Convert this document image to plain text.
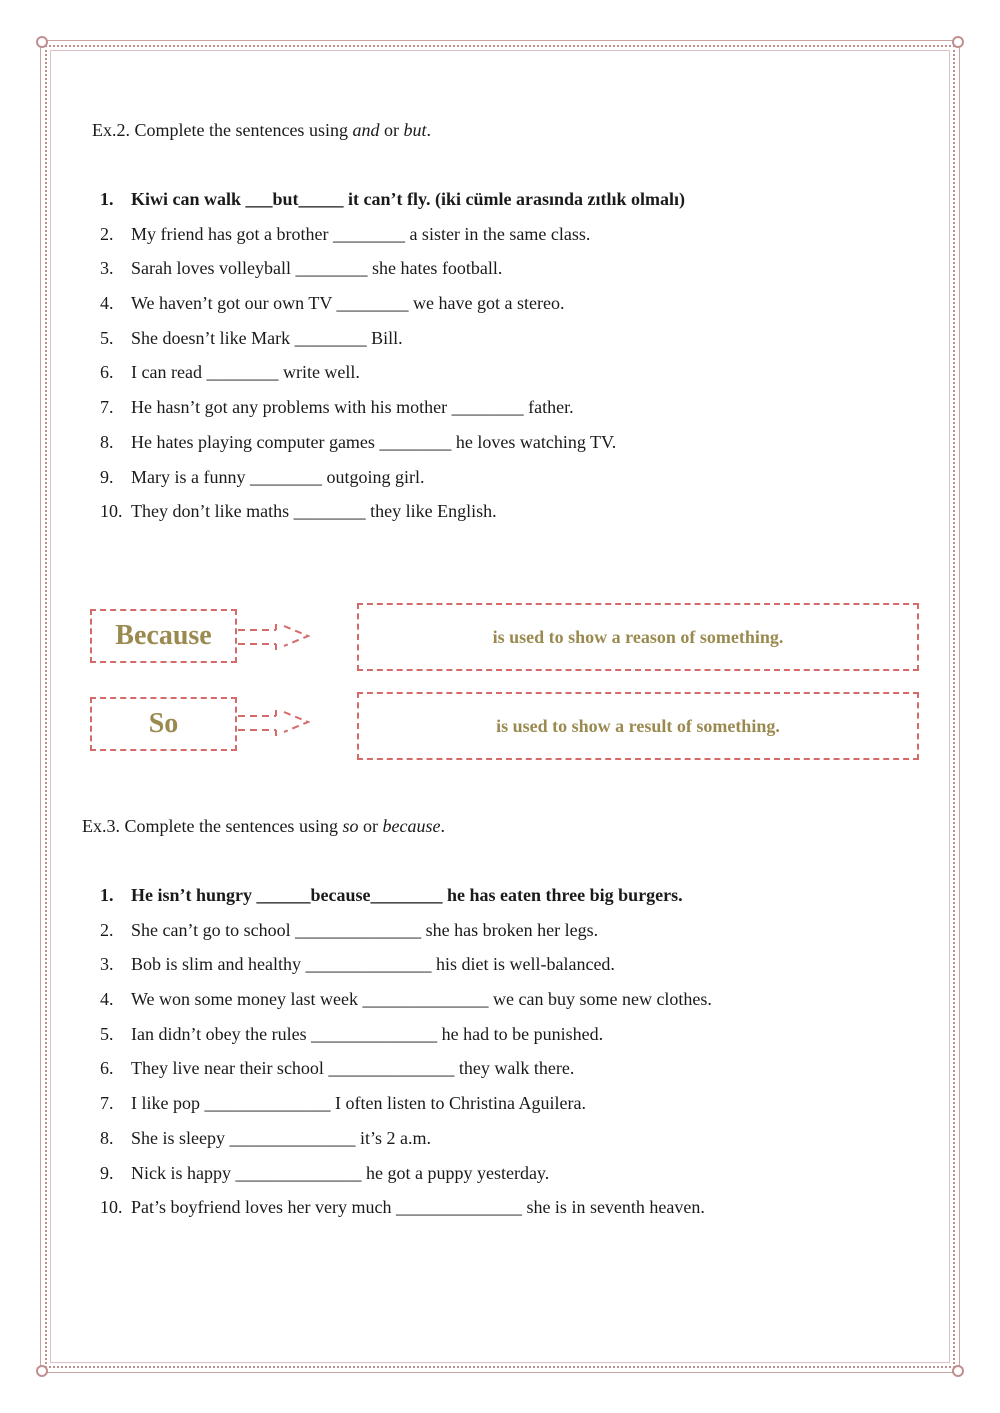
Ex.2. Complete the sentences using and or but.

1. Kiwi can walk ___but_____ it can’t fly. (iki cümle arasında zıtlık olmalı)
2. My friend has got a brother ________ a sister in the same class.
3. Sarah loves volleyball ________ she hates football.
4. We haven’t got our own TV ________ we have got a stereo.
5. She doesn’t like Mark ________ Bill.
6. I can read ________ write well.
7. He hasn’t got any problems with his mother ________ father.
8. He hates playing computer games ________ he loves watching TV.
9. Mary is a funny ________ outgoing girl.
10. They don’t like maths ________ they like English.
Because	is used to show a reason of something.
So	is used to show a result of something.

Ex.3. Complete the sentences using so or because.

1. He isn’t hungry ______because________ he has eaten three big burgers.
2. She can’t go to school ______________ she has broken her legs.
3. Bob is slim and healthy ______________ his diet is well-balanced.
4. We won some money last week ______________ we can buy some new clothes.
5. Ian didn’t obey the rules ______________ he had to be punished.
6. They live near their school ______________ they walk there.
7. I like pop ______________ I often listen to Christina Aguilera.
8. She is sleepy ______________ it’s 2 a.m.
9. Nick is happy ______________ he got a puppy yesterday.
10. Pat’s boyfriend loves her very much ______________ she is in seventh heaven.
